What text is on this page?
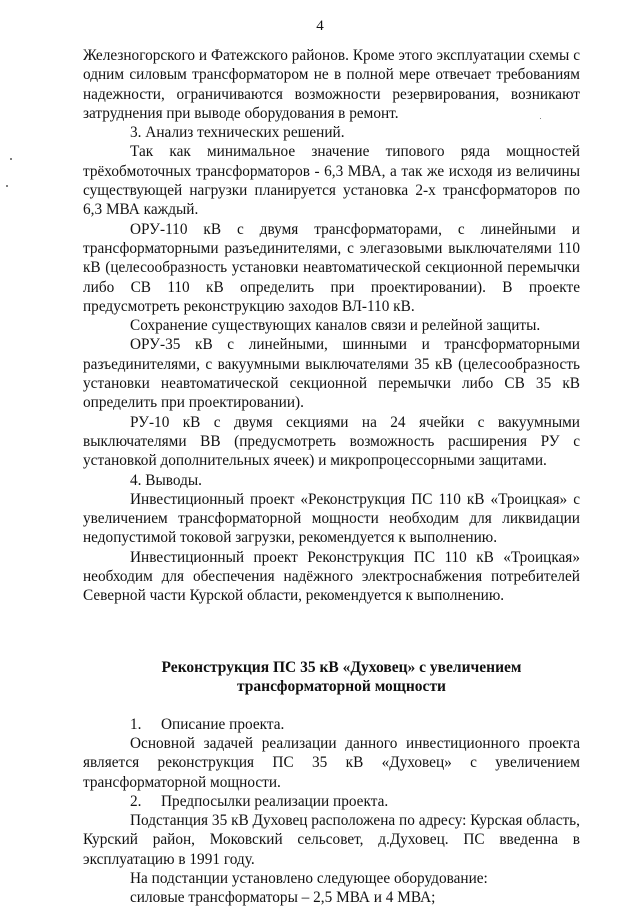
4

Железногорского и Фатежского районов. Кроме этого эксплуатации схемы с одним силовым трансформатором не в полной мере отвечает требованиям надежности, ограничиваются возможности резервирования, возникают затруднения при выводе оборудования в ремонт.

3. Анализ технических решений.

Так как минимальное значение типового ряда мощностей трёхобмоточных трансформаторов - 6,3 МВА, а так же исходя из величины существующей нагрузки планируется установка 2-х трансформаторов по 6,3 МВА каждый.

ОРУ-110 кВ с двумя трансформаторами, с линейными и трансформаторными разъединителями, с элегазовыми выключателями 110 кВ (целесообразность установки неавтоматической секционной перемычки либо СВ 110 кВ определить при проектировании). В проекте предусмотреть реконструкцию заходов ВЛ-110 кВ.

Сохранение существующих каналов связи и релейной защиты.

ОРУ-35 кВ с линейными, шинными и трансформаторными разъединителями, с вакуумными выключателями 35 кВ (целесообразность установки неавтоматической секционной перемычки либо СВ 35 кВ определить при проектировании).

РУ-10 кВ с двумя секциями на 24 ячейки с вакуумными выключателями ВВ (предусмотреть возможность расширения РУ с установкой дополнительных ячеек) и микропроцессорными защитами.

4. Выводы.

Инвестиционный проект «Реконструкция ПС 110 кВ «Троицкая» с увеличением трансформаторной мощности необходим для ликвидации недопустимой токовой загрузки, рекомендуется к выполнению.

Инвестиционный проект Реконструкция ПС 110 кВ «Троицкая» необходим для обеспечения надёжного электроснабжения потребителей Северной части Курской области, рекомендуется к выполнению.

Реконструкция ПС 35 кВ «Духовец» с увеличением

трансформаторной мощности

1. Описание проекта.

Основной задачей реализации данного инвестиционного проекта является реконструкция ПС 35 кВ «Духовец» с увеличением трансформаторной мощности.

2. Предпосылки реализации проекта.

Подстанция 35 кВ Духовец расположена по адресу: Курская область, Курский район, Моковский сельсовет, д.Духовец. ПС введенна в эксплуатацию в 1991 году.

На подстанции установлено следующее оборудование:

силовые трансформаторы – 2,5 МВА и 4 МВА;
